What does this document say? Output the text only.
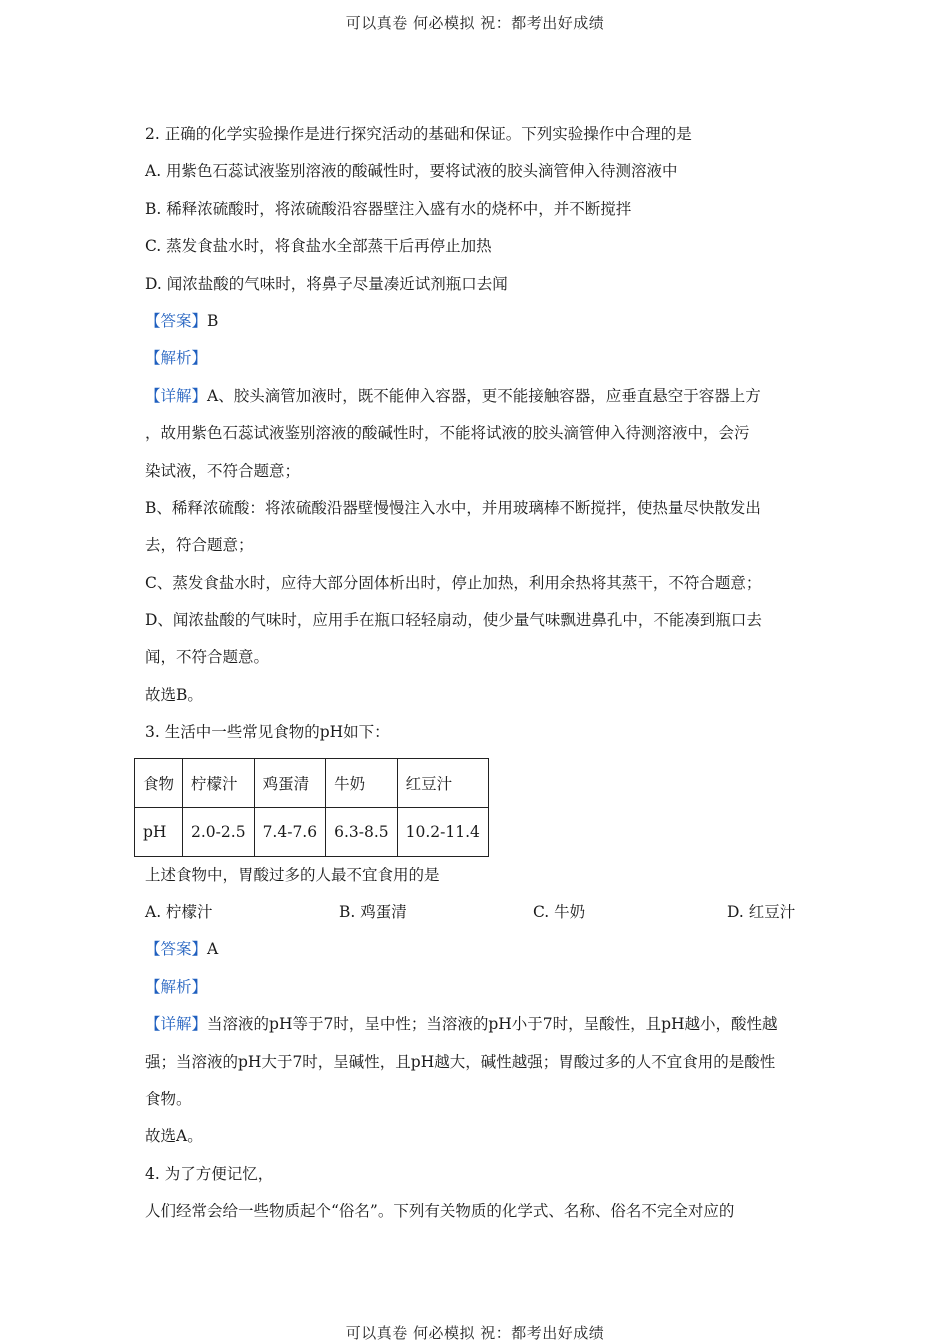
可以真卷 何必模拟 祝：都考出好成绩
2. 正确的化学实验操作是进行探究活动的基础和保证。下列实验操作中合理的是
A. 用紫色石蕊试液鉴别溶液的酸碱性时，要将试液的胶头滴管伸入待测溶液中
B. 稀释浓硫酸时，将浓硫酸沿容器壁注入盛有水的烧杯中，并不断搅拌
C. 蒸发食盐水时，将食盐水全部蒸干后再停止加热
D. 闻浓盐酸的气味时，将鼻子尽量凑近试剂瓶口去闻
【答案】B
【解析】
【详解】A、胶头滴管加液时，既不能伸入容器，更不能接触容器，应垂直悬空于容器上方
，故用紫色石蕊试液鉴别溶液的酸碱性时，不能将试液的胶头滴管伸入待测溶液中，会污
染试液，不符合题意；
B、稀释浓硫酸：将浓硫酸沿器壁慢慢注入水中，并用玻璃棒不断搅拌，使热量尽快散发出
去，符合题意；
C、蒸发食盐水时，应待大部分固体析出时，停止加热，利用余热将其蒸干，不符合题意；
D、闻浓盐酸的气味时，应用手在瓶口轻轻扇动，使少量气味飘进鼻孔中，不能凑到瓶口去
闻，不符合题意。
故选B。
3. 生活中一些常见食物的pH如下：
食物	柠檬汁	鸡蛋清	牛奶	红豆汁
pH	2.0-2.5	7.4-7.6	6.3-8.5	10.2-11.4
上述食物中，胃酸过多的人最不宜食用的是
A. 柠檬汁	B. 鸡蛋清	C. 牛奶	D. 红豆汁
【答案】A
【解析】
【详解】当溶液的pH等于7时，呈中性；当溶液的pH小于7时，呈酸性，且pH越小，酸性越
强；当溶液的pH大于7时，呈碱性，且pH越大，碱性越强；胃酸过多的人不宜食用的是酸性
食物。
故选A。
4. 为了方便记忆，
人们经常会给一些物质起个“俗名”。下列有关物质的化学式、名称、俗名不完全对应的
可以真卷 何必模拟 祝：都考出好成绩
